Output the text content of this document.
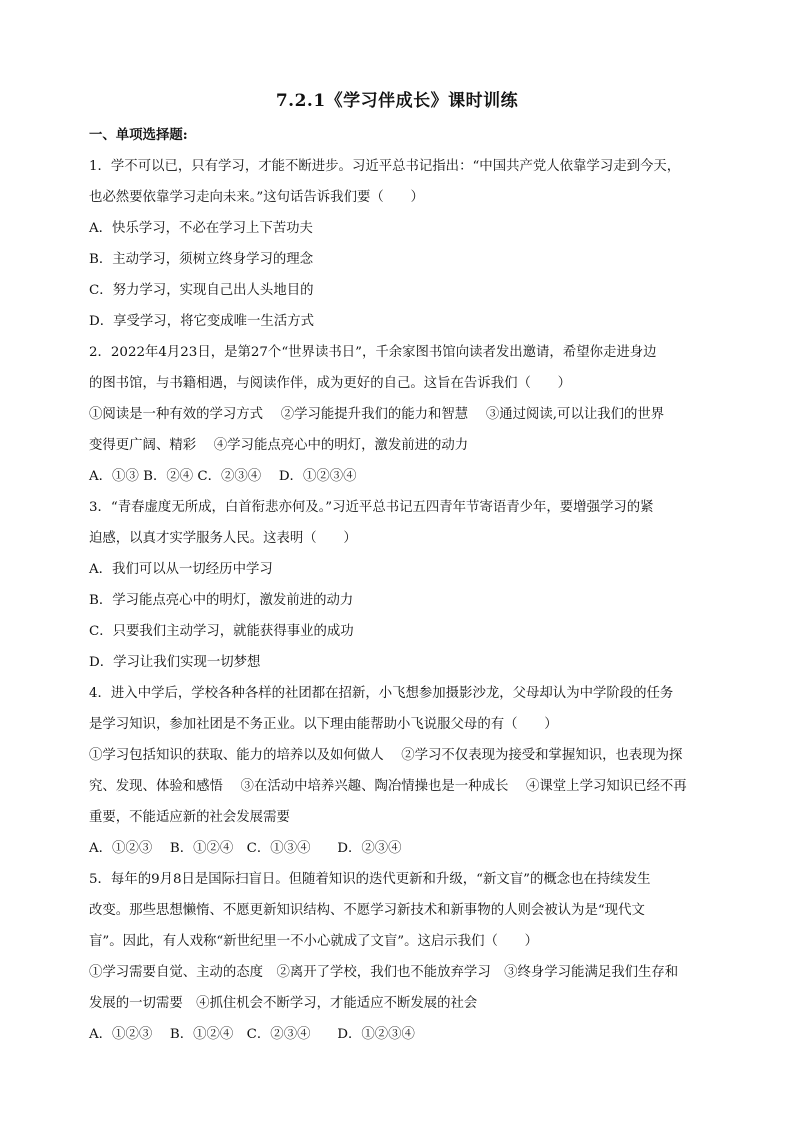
7.2.1《学习伴成长》课时训练

一、单项选择题:

1．学不可以已，只有学习，才能不断进步。习近平总书记指出：“中国共产党人依靠学习走到今天，

也必然要依靠学习走向未来。”这句话告诉我们要（　　）

A．快乐学习，不必在学习上下苦功夫

B．主动学习，须树立终身学习的理念

C．努力学习，实现自己出人头地目的

D．享受学习，将它变成唯一生活方式

2．2022年4月23日，是第27个“世界读书日”，千余家图书馆向读者发出邀请，希望你走进身边

的图书馆，与书籍相遇，与阅读作伴，成为更好的自己。这旨在告诉我们（　　）

①阅读是一种有效的学习方式　 ②学习能提升我们的能力和智慧　 ③通过阅读,可以让我们的世界

变得更广阔、精彩　 ④学习能点亮心中的明灯，激发前进的动力

A．①③ B．②④ C．②③④　 D．①②③④

3．“青春虚度无所成，白首衔悲亦何及。”习近平总书记五四青年节寄语青少年，要增强学习的紧

迫感，以真才实学服务人民。这表明（　　）

A．我们可以从一切经历中学习

B．学习能点亮心中的明灯，激发前进的动力

C．只要我们主动学习，就能获得事业的成功

D．学习让我们实现一切梦想

4．进入中学后，学校各种各样的社团都在招新，小飞想参加摄影沙龙，父母却认为中学阶段的任务

是学习知识，参加社团是不务正业。以下理由能帮助小飞说服父母的有（　　）

①学习包括知识的获取、能力的培养以及如何做人　 ②学习不仅表现为接受和掌握知识，也表现为探

究、发现、体验和感悟　 ③在活动中培养兴趣、陶冶情操也是一种成长　 ④课堂上学习知识已经不再

重要，不能适应新的社会发展需要

A．①②③　 B．①②④　C．①③④　　D．②③④

5．每年的9月8日是国际扫盲日。但随着知识的迭代更新和升级，“新文盲”的概念也在持续发生

改变。那些思想懒惰、不愿更新知识结构、不愿学习新技术和新事物的人则会被认为是“现代文

盲”。因此，有人戏称“新世纪里一不小心就成了文盲”。这启示我们（　　）

①学习需要自觉、主动的态度　②离开了学校，我们也不能放弃学习　③终身学习能满足我们生存和

发展的一切需要　④抓住机会不断学习，才能适应不断发展的社会

A．①②③　 B．①②④　C．②③④　　D．①②③④
